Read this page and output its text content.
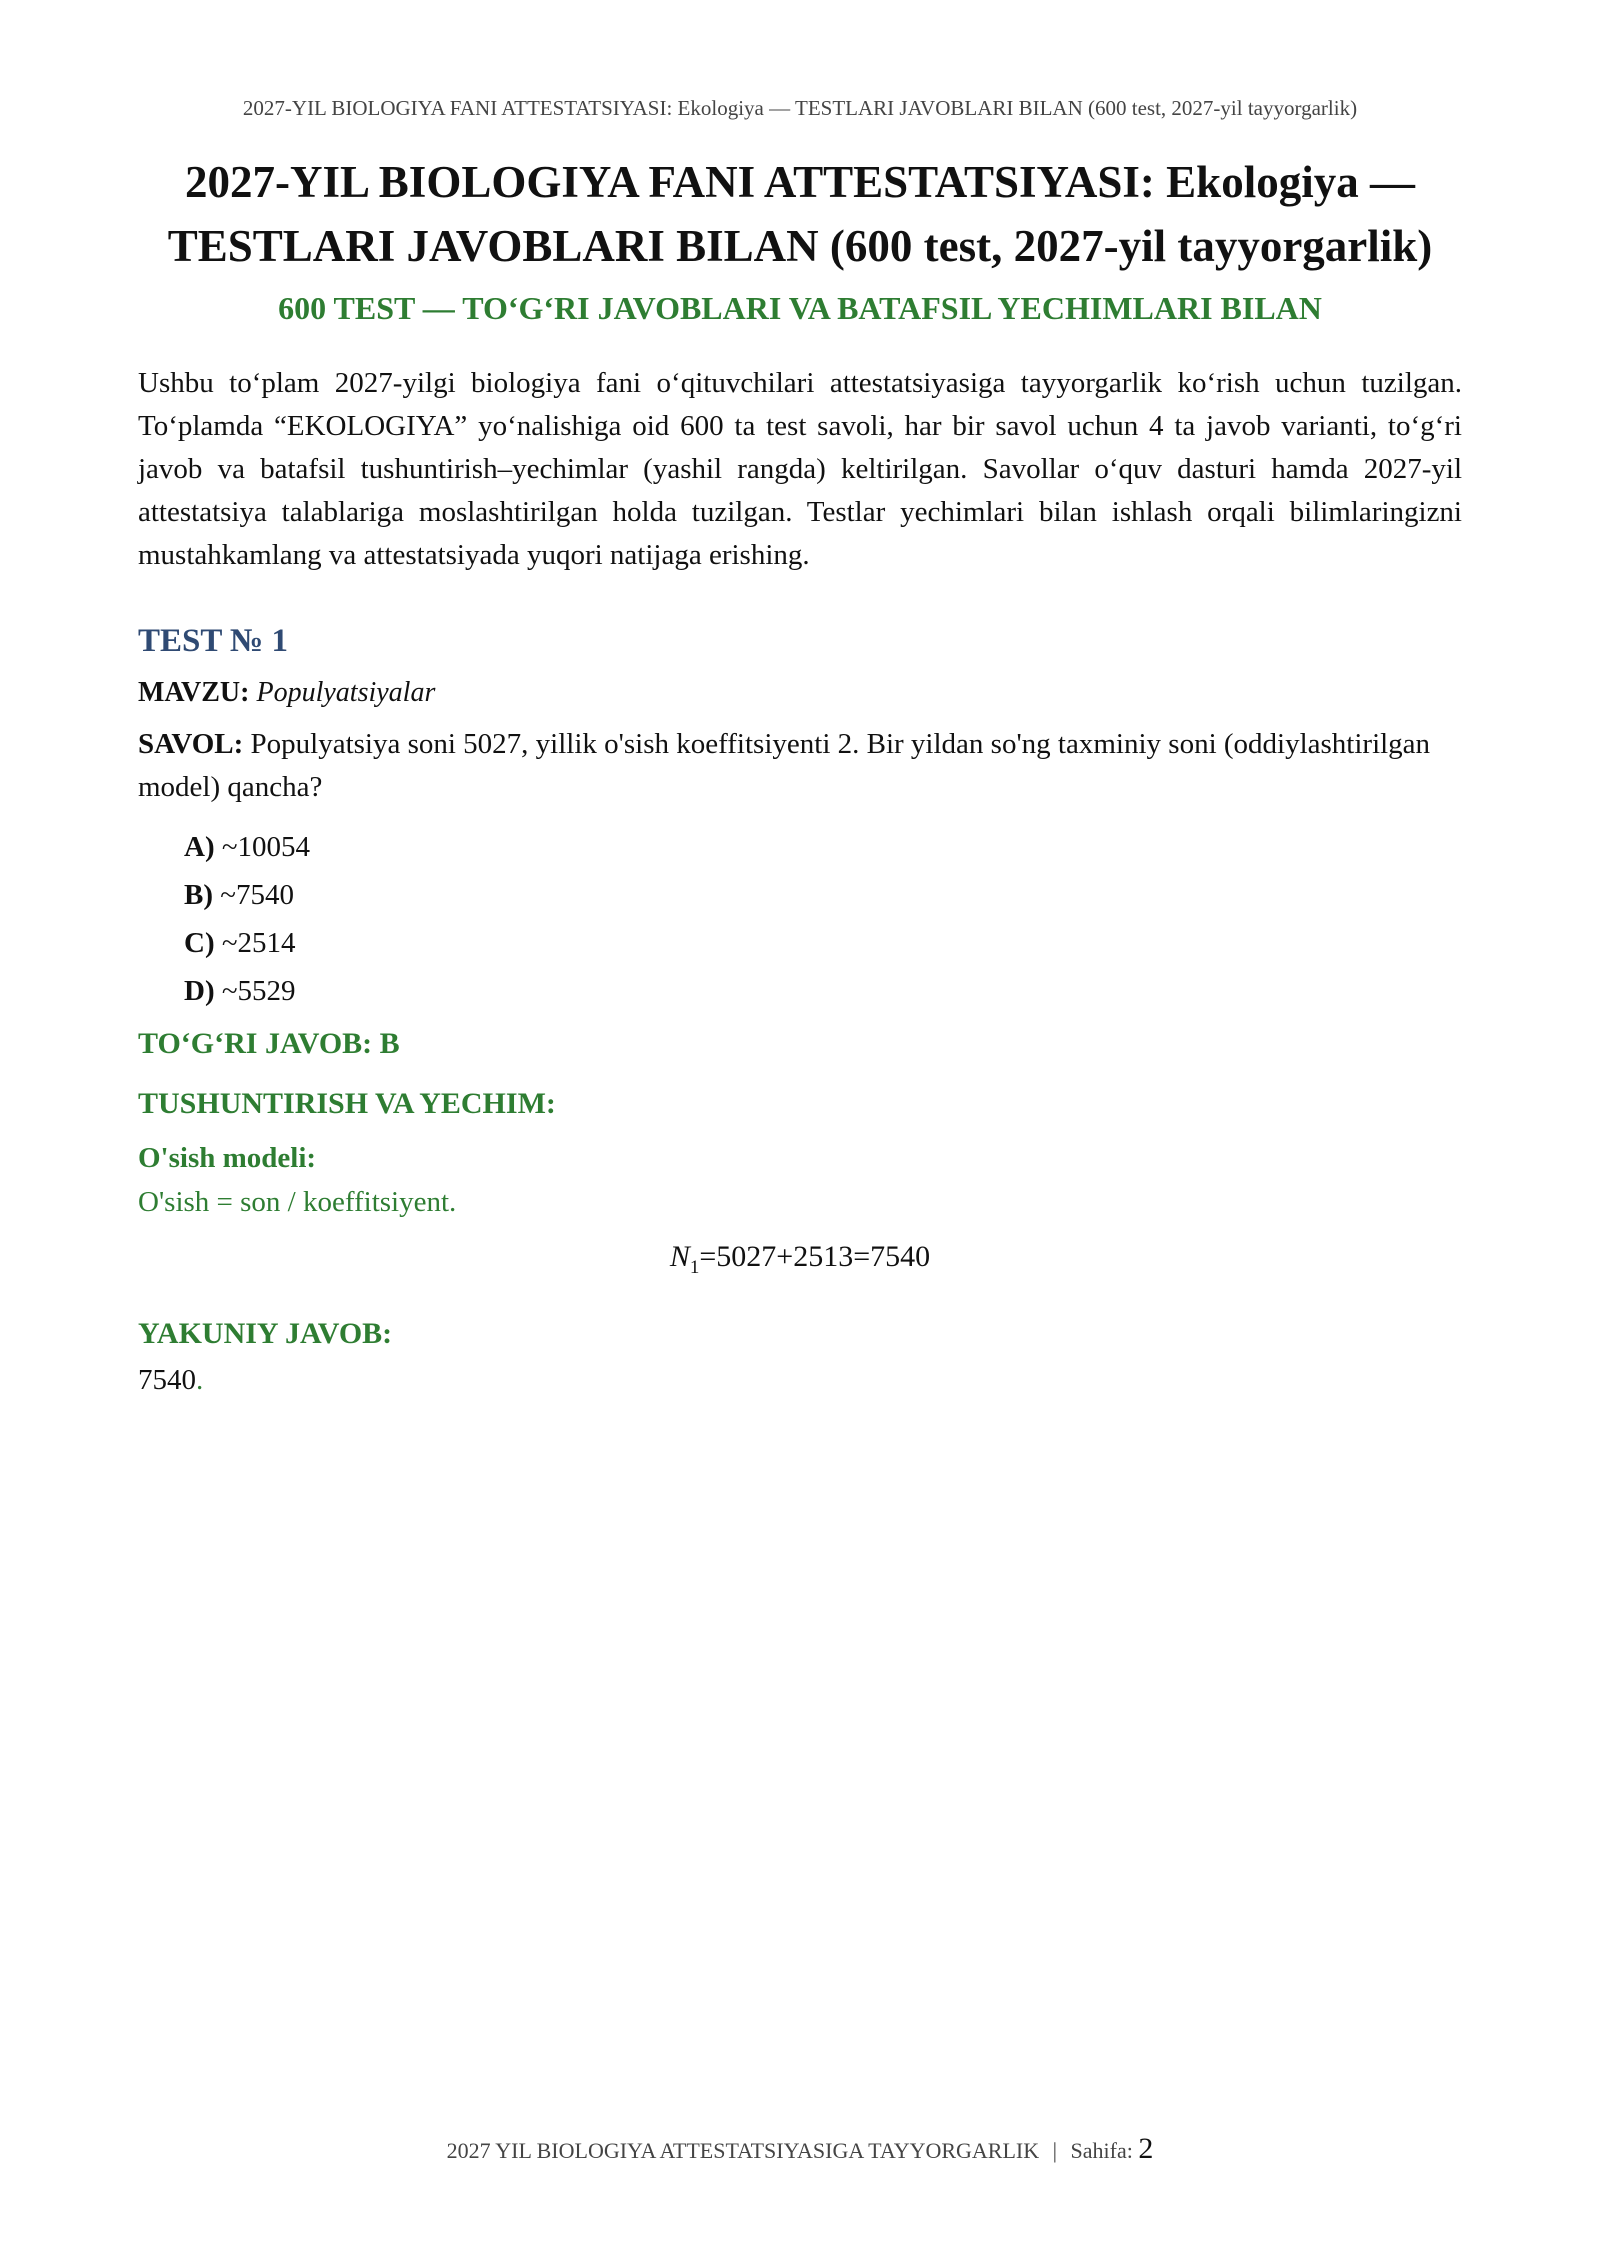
2027-YIL BIOLOGIYA FANI ATTESTATSIYASI: Ekologiya — TESTLARI JAVOBLARI BILAN (600 test, 2027-yil tayyorgarlik)
2027-YIL BIOLOGIYA FANI ATTESTATSIYASI: Ekologiya — TESTLARI JAVOBLARI BILAN (600 test, 2027-yil tayyorgarlik)
600 TEST — TO‘G‘RI JAVOBLARI VA BATAFSIL YECHIMLARI BILAN

Ushbu to‘plam 2027-yilgi biologiya fani o‘qituvchilari attestatsiyasiga tayyorgarlik ko‘rish uchun tuzilgan. To‘plamda “EKOLOGIYA” yo‘nalishiga oid 600 ta test savoli, har bir savol uchun 4 ta javob varianti, to‘g‘ri javob va batafsil tushuntirish–yechimlar (yashil rangda) keltirilgan. Savollar o‘quv dasturi hamda 2027-yil attestatsiya talablariga moslashtirilgan holda tuzilgan. Testlar yechimlari bilan ishlash orqali bilimlaringizni mustahkamlang va attestatsiyada yuqori natijaga erishing.

TEST № 1
MAVZU: Populyatsiyalar
SAVOL: Populyatsiya soni 5027, yillik o'sish koeffitsiyenti 2. Bir yildan so'ng taxminiy soni (oddiylashtirilgan model) qancha?
A) ~10054
B) ~7540
C) ~2514
D) ~5529
TO‘G‘RI JAVOB: B
TUSHUNTIRISH VA YECHIM:
O'sish modeli:
O'sish = son / koeffitsiyent.
$N_1=5027+2513=7540$
YAKUNIY JAVOB:
7540.
2027 YIL BIOLOGIYA ATTESTATSIYASIGA TAYYORGARLIK | Sahifa: 2
